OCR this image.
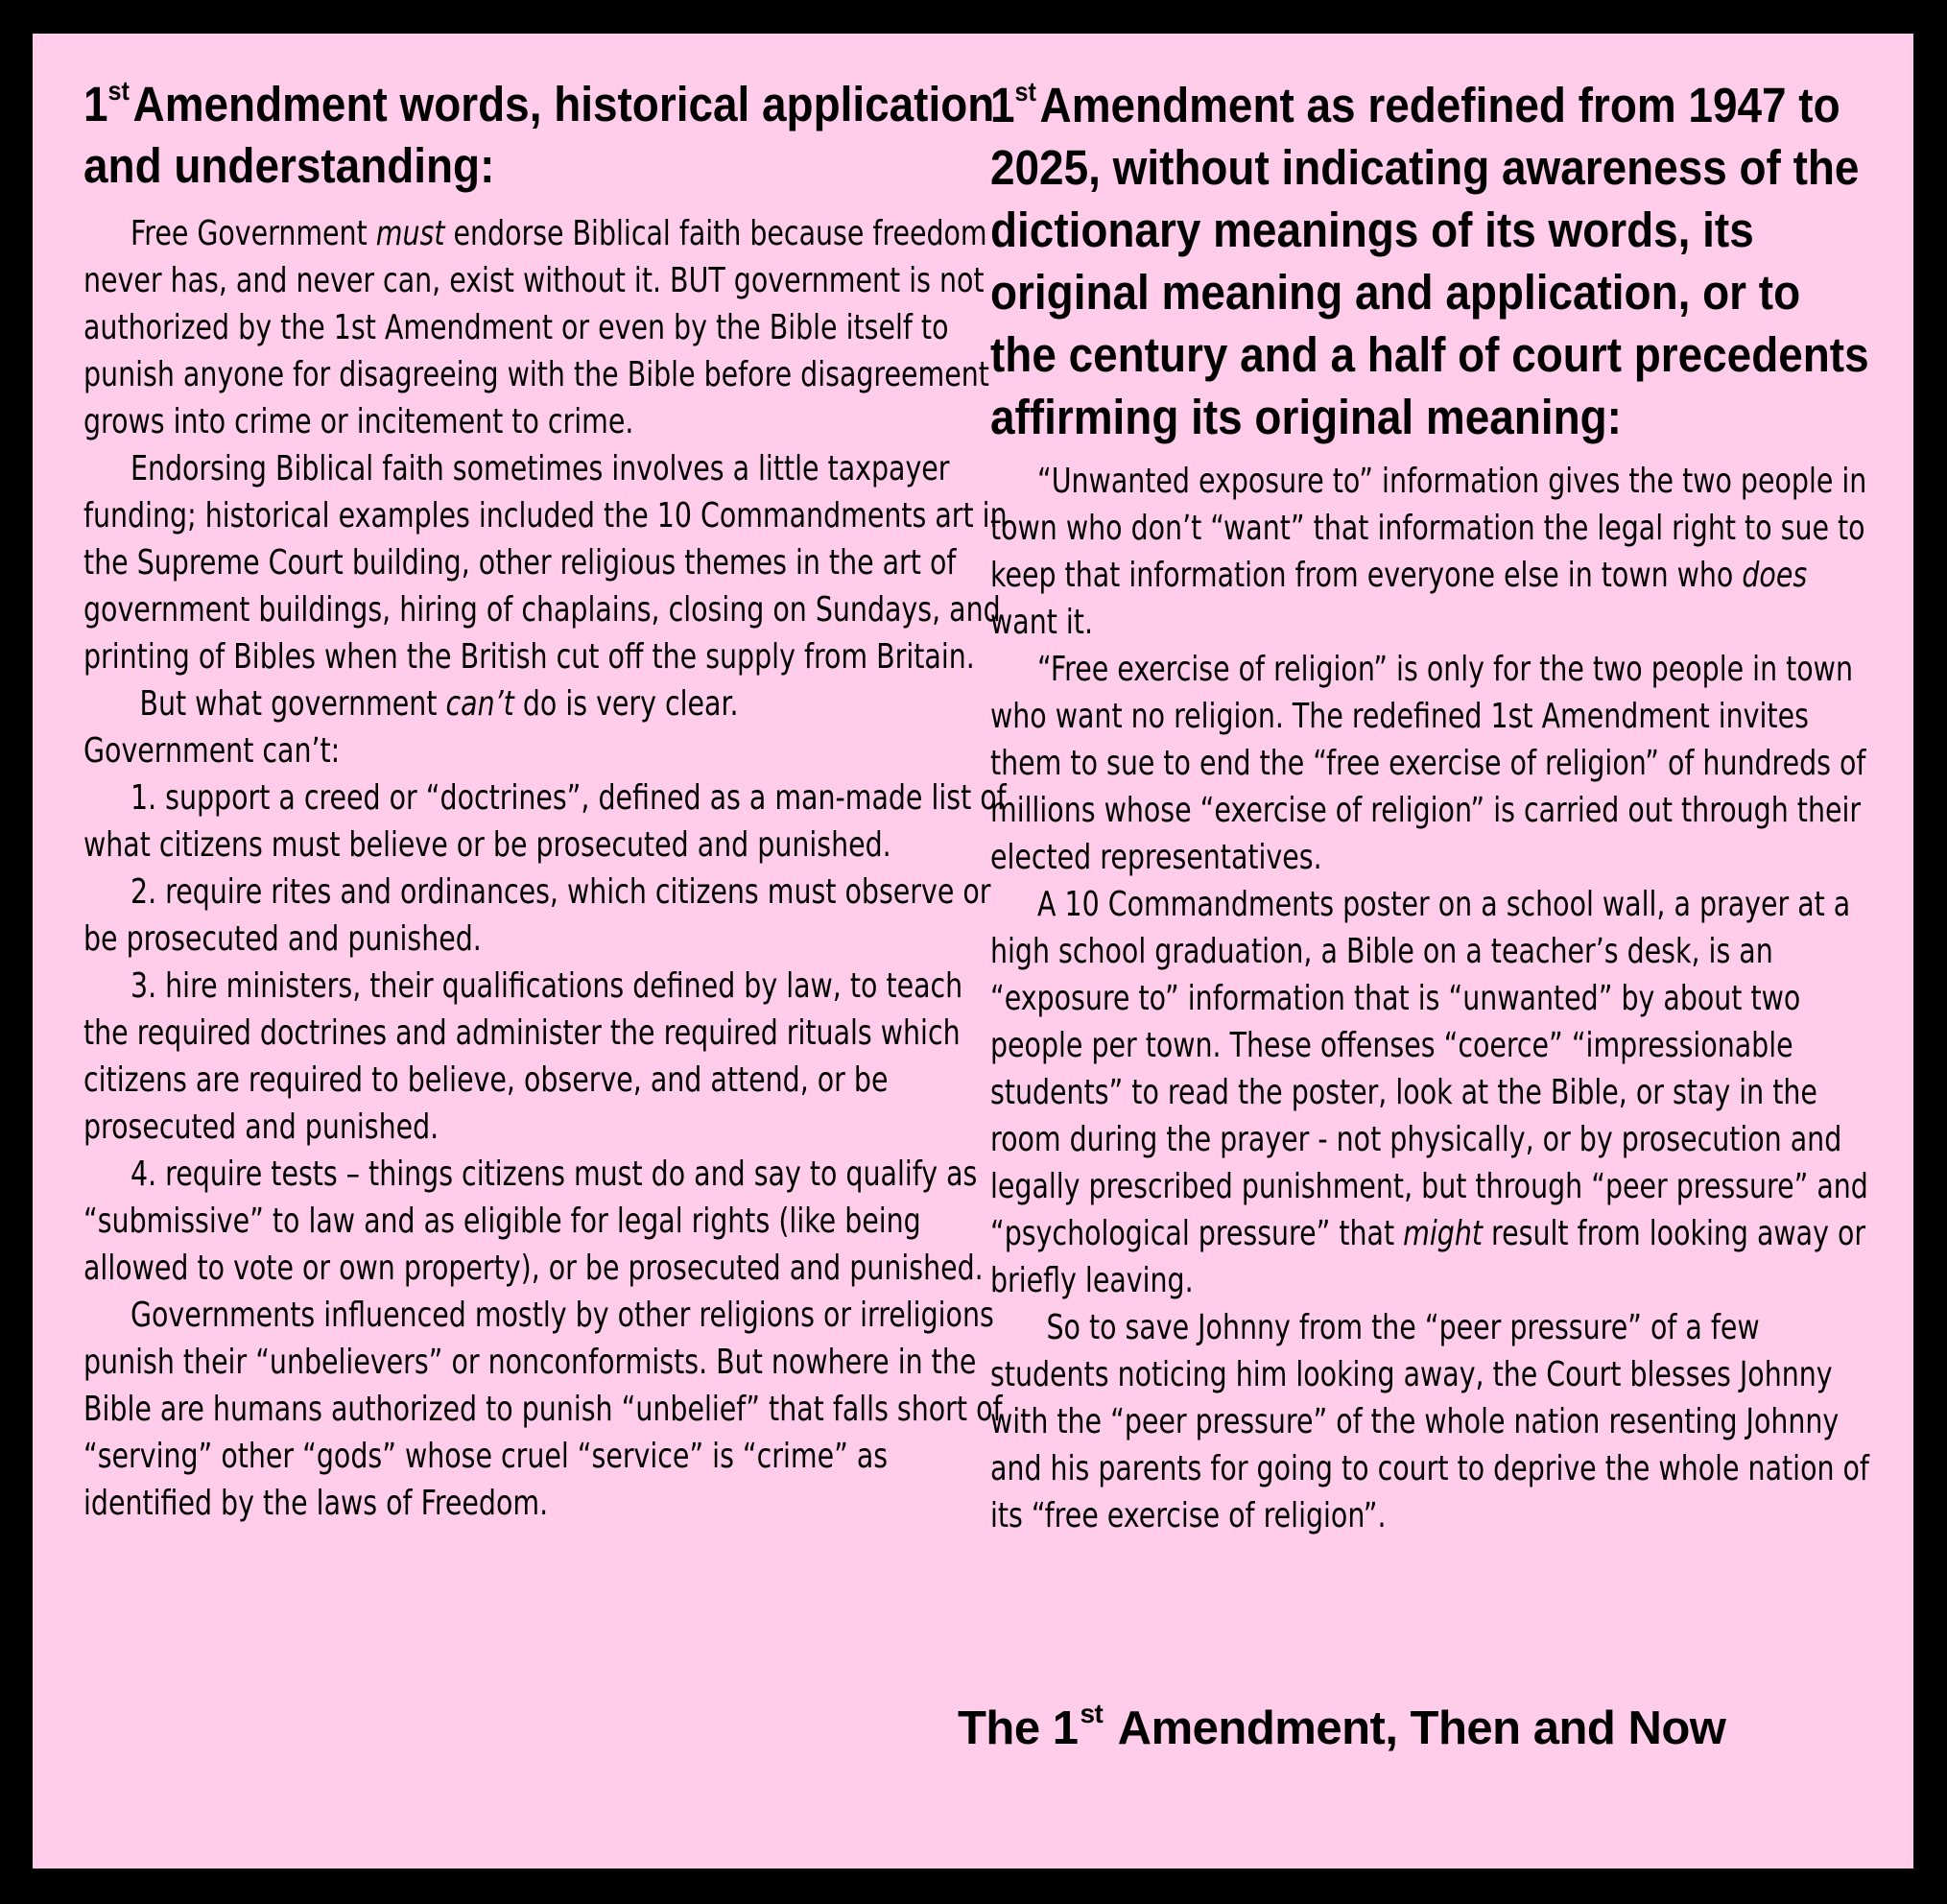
1stAmendment words, historical application and understanding:

Free Government must endorse Biblical faith because freedom never has, and never can, exist without it. BUT government is not authorized by the 1st Amendment or even by the Bible itself to punish anyone for disagreeing with the Bible before disagreement grows into crime or incitement to crime.

Endorsing Biblical faith sometimes involves a little taxpayer funding; historical examples included the 10 Commandments art in the Supreme Court building, other religious themes in the art of government buildings, hiring of chaplains, closing on Sundays, and printing of Bibles when the British cut off the supply from Britain.

But what government can’t do is very clear.

Government can’t:

1. support a creed or “doctrines”, defined as a man-made list of what citizens must believe or be prosecuted and punished.

2. require rites and ordinances, which citizens must observe or be prosecuted and punished.

3. hire ministers, their qualifications defined by law, to teach the required doctrines and administer the required rituals which citizens are required to believe, observe, and attend, or be prosecuted and punished.

4. require tests – things citizens must do and say to qualify as “submissive” to law and as eligible for legal rights (like being allowed to vote or own property), or be prosecuted and punished.

Governments influenced mostly by other religions or irreligions punish their “unbelievers” or nonconformists. But nowhere in the Bible are humans authorized to punish “unbelief” that falls short of “serving” other “gods” whose cruel “service” is “crime” as identified by the laws of Freedom.

1stAmendment as redefined from 1947 to 2025, without indicating awareness of the dictionary meanings of its words, its original meaning and application, or to the century and a half of court precedents affirming its original meaning:

“Unwanted exposure to” information gives the two people in town who don’t “want” that information the legal right to sue to keep that information from everyone else in town who does want it.

“Free exercise of religion” is only for the two people in town who want no religion. The redefined 1st Amendment invites them to sue to end the “free exercise of religion” of hundreds of millions whose “exercise of religion” is carried out through their elected representatives.

A 10 Commandments poster on a school wall, a prayer at a high school graduation, a Bible on a teacher’s desk, is an “exposure to” information that is “unwanted” by about two people per town. These offenses “coerce” “impressionable students” to read the poster, look at the Bible, or stay in the room during the prayer - not physically, or by prosecution and legally prescribed punishment, but through “peer pressure” and “psychological pressure” that might result from looking away or briefly leaving.

So to save Johnny from the “peer pressure” of a few students noticing him looking away, the Court blesses Johnny with the “peer pressure” of the whole nation resenting Johnny and his parents for going to court to deprive the whole nation of its “free exercise of religion”.

The 1st Amendment, Then and Now
